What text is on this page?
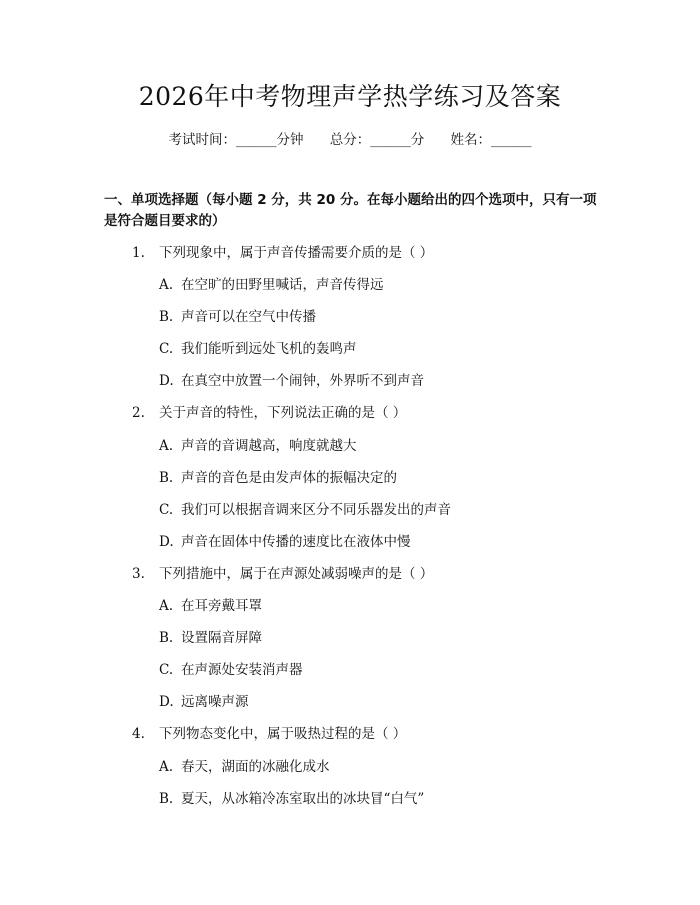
2026年中考物理声学热学练习及答案
考试时间：______分钟 总分：______分 姓名：______
一、单项选择题（每小题 2 分，共 20 分。在每小题给出的四个选项中，只有一项是符合题目要求的）
1. 下列现象中，属于声音传播需要介质的是（ ）
A. 在空旷的田野里喊话，声音传得远
B. 声音可以在空气中传播
C. 我们能听到远处飞机的轰鸣声
D. 在真空中放置一个闹钟，外界听不到声音
2. 关于声音的特性，下列说法正确的是（ ）
A. 声音的音调越高，响度就越大
B. 声音的音色是由发声体的振幅决定的
C. 我们可以根据音调来区分不同乐器发出的声音
D. 声音在固体中传播的速度比在液体中慢
3. 下列措施中，属于在声源处减弱噪声的是（ ）
A. 在耳旁戴耳罩
B. 设置隔音屏障
C. 在声源处安装消声器
D. 远离噪声源
4. 下列物态变化中，属于吸热过程的是（ ）
A. 春天，湖面的冰融化成水
B. 夏天，从冰箱冷冻室取出的冰块冒“白气”
